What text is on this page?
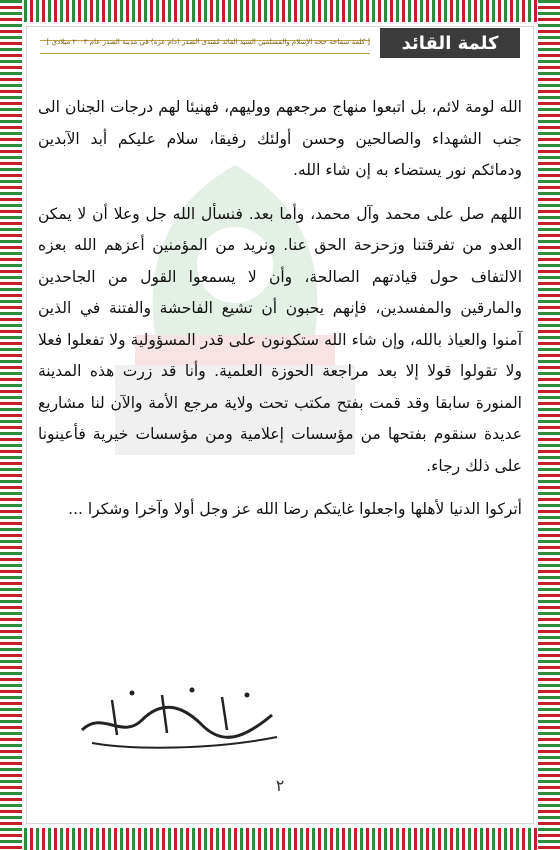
[ كلمة سماحة حجة الإسلام والمسلمين السيد القائد مُقتدى الصَدر (دام عزه) في مدينة الصدر عام ٢٠٠٣ ميلادي ]	كلمة القائد

الله لومة لائم، بل اتبعوا منهاج مرجعهم ووليهم، فهنيئا لهم درجات الجنان الى جنب الشهداء والصالحين وحسن أولئك رفيقا، سلام عليكم أبد الآبدين ودمائكم نور يستضاء به إن شاء الله.

اللهم صل على محمد وآل محمد، وأما بعد. فنسأل الله جل وعلا أن لا يمكن العدو من تفرقتنا وزحزحة الحق عنا. ونريد من المؤمنين أعزهم الله بعزه الالتفاف حول قيادتهم الصالحة، وأن لا يسمعوا القول من الجاحدين والمارقين والمفسدين، فإنهم يحبون أن تشيع الفاحشة والفتنة في الذين آمنوا والعياذ بالله، وإن شاء الله ستكونون على قدر المسؤولية ولا تفعلوا فعلا ولا تقولوا قولا إلا بعد مراجعة الحوزة العلمية. وأنا قد زرت هذه المدينة المنورة سابقا وقد قمت بفتح مكتب تحت ولاية مرجع الأمة والآن لنا مشاريع عديدة سنقوم بفتحها من مؤسسات إعلامية ومن مؤسسات خيرية فأعينونا على ذلك رجاء.

أتركوا الدنيا لأهلها واجعلوا غايتكم رضا الله عز وجل أولا وآخرا وشكرا ...

٢
